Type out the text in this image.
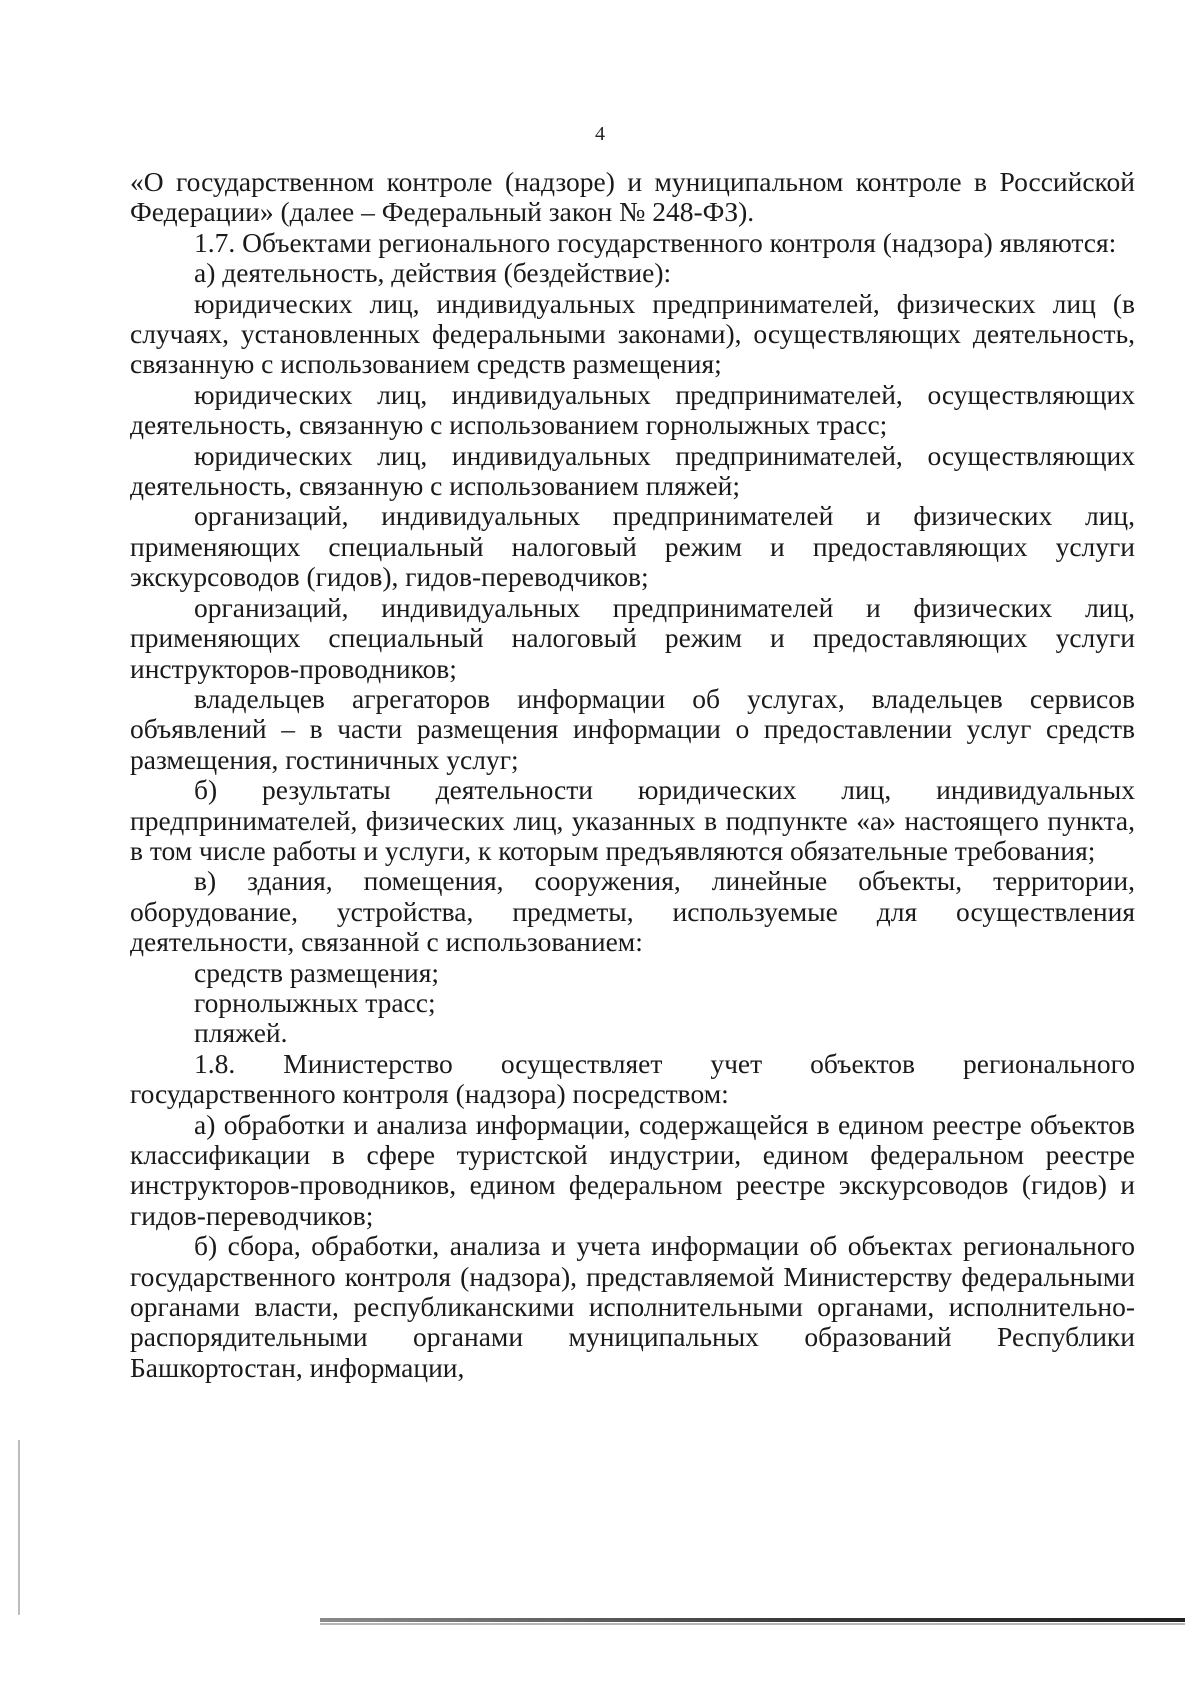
4

«О государственном контроле (надзоре) и муниципальном контроле в Российской Федерации» (далее – Федеральный закон № 248-ФЗ).

1.7. Объектами регионального государственного контроля (надзора) являются:

а) деятельность, действия (бездействие):

юридических лиц, индивидуальных предпринимателей, физических лиц (в случаях, установленных федеральными законами), осуществляющих деятельность, связанную с использованием средств размещения;

юридических лиц, индивидуальных предпринимателей, осуществляющих деятельность, связанную с использованием горнолыжных трасс;

юридических лиц, индивидуальных предпринимателей, осуществляющих деятельность, связанную с использованием пляжей;

организаций, индивидуальных предпринимателей и физических лиц, применяющих специальный налоговый режим и предоставляющих услуги экскурсоводов (гидов), гидов-переводчиков;

организаций, индивидуальных предпринимателей и физических лиц, применяющих специальный налоговый режим и предоставляющих услуги инструкторов-проводников;

владельцев агрегаторов информации об услугах, владельцев сервисов объявлений – в части размещения информации о предоставлении услуг средств размещения, гостиничных услуг;

б) результаты деятельности юридических лиц, индивидуальных предпринимателей, физических лиц, указанных в подпункте «а» настоящего пункта, в том числе работы и услуги, к которым предъявляются обязательные требования;

в) здания, помещения, сооружения, линейные объекты, территории, оборудование, устройства, предметы, используемые для осуществления деятельности, связанной с использованием:

средств размещения;

горнолыжных трасс;

пляжей.

1.8. Министерство осуществляет учет объектов регионального государственного контроля (надзора) посредством:

а) обработки и анализа информации, содержащейся в едином реестре объектов классификации в сфере туристской индустрии, едином федеральном реестре инструкторов-проводников, едином федеральном реестре экскурсоводов (гидов) и гидов-переводчиков;

б) сбора, обработки, анализа и учета информации об объектах регионального государственного контроля (надзора), представляемой Министерству федеральными органами власти, республиканскими исполнительными органами, исполнительно-распорядительными органами муниципальных образований Республики Башкортостан, информации,
